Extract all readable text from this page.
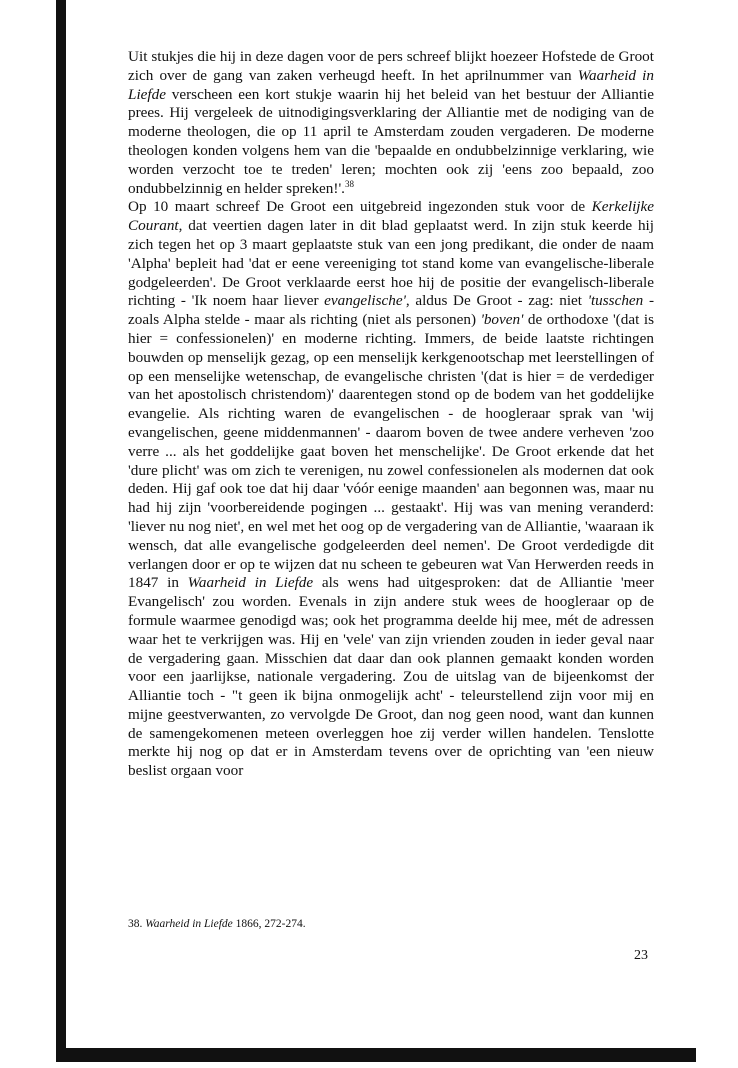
Uit stukjes die hij in deze dagen voor de pers schreef blijkt hoezeer Hofstede de Groot zich over de gang van zaken verheugd heeft. In het aprilnummer van Waarheid in Liefde verscheen een kort stukje waarin hij het beleid van het bestuur der Alliantie prees. Hij vergeleek de uitnodigingsverklaring der Alliantie met de nodiging van de moderne theologen, die op 11 april te Amsterdam zouden vergaderen. De moderne theologen konden volgens hem van die 'bepaalde en ondubbelzinnige verklaring, wie worden verzocht toe te treden' leren; mochten ook zij 'eens zoo bepaald, zoo ondubbelzinnig en helder spreken!'.$^{38}$

Op 10 maart schreef De Groot een uitgebreid ingezonden stuk voor de Kerkelijke Courant, dat veertien dagen later in dit blad geplaatst werd. In zijn stuk keerde hij zich tegen het op 3 maart geplaatste stuk van een jong predikant, die onder de naam 'Alpha' bepleit had 'dat er eene vereeniging tot stand kome van evangelische-liberale godgeleerden'. De Groot verklaarde eerst hoe hij de positie der evangelisch-liberale richting - 'Ik noem haar liever evangelische', aldus De Groot - zag: niet 'tusschen - zoals Alpha stelde - maar als richting (niet als personen) 'boven' de orthodoxe '(dat is hier = confessionelen)' en moderne richting. Immers, de beide laatste richtingen bouwden op menselijk gezag, op een menselijk kerkgenootschap met leerstellingen of op een menselijke wetenschap, de evangelische christen '(dat is hier = de verdediger van het apostolisch christendom)' daarentegen stond op de bodem van het goddelijke evangelie. Als richting waren de evangelischen - de hoogleraar sprak van 'wij evangelischen, geene middenmannen' - daarom boven de twee andere verheven 'zoo verre ... als het goddelijke gaat boven het menschelijke'. De Groot erkende dat het 'dure plicht' was om zich te verenigen, nu zowel confessionelen als modernen dat ook deden. Hij gaf ook toe dat hij daar 'vóór eenige maanden' aan begonnen was, maar nu had hij zijn 'voorbereidende pogingen ... gestaakt'. Hij was van mening veranderd: 'liever nu nog niet', en wel met het oog op de vergadering van de Alliantie, 'waaraan ik wensch, dat alle evangelische godgeleerden deel nemen'. De Groot verdedigde dit verlangen door er op te wijzen dat nu scheen te gebeuren wat Van Herwerden reeds in 1847 in Waarheid in Liefde als wens had uitgesproken: dat de Alliantie 'meer Evangelisch' zou worden. Evenals in zijn andere stuk wees de hoogleraar op de formule waarmee genodigd was; ook het programma deelde hij mee, mét de adressen waar het te verkrijgen was. Hij en 'vele' van zijn vrienden zouden in ieder geval naar de vergadering gaan. Misschien dat daar dan ook plannen gemaakt konden worden voor een jaarlijkse, nationale vergadering. Zou de uitslag van de bijeenkomst der Alliantie toch - "t geen ik bijna onmogelijk acht' - teleurstellend zijn voor mij en mijne geestverwanten, zo vervolgde De Groot, dan nog geen nood, want dan kunnen de samengekomenen meteen overleggen hoe zij verder willen handelen. Tenslotte merkte hij nog op dat er in Amsterdam tevens over de oprichting van 'een nieuw beslist orgaan voor

38. Waarheid in Liefde 1866, 272-274.
23
